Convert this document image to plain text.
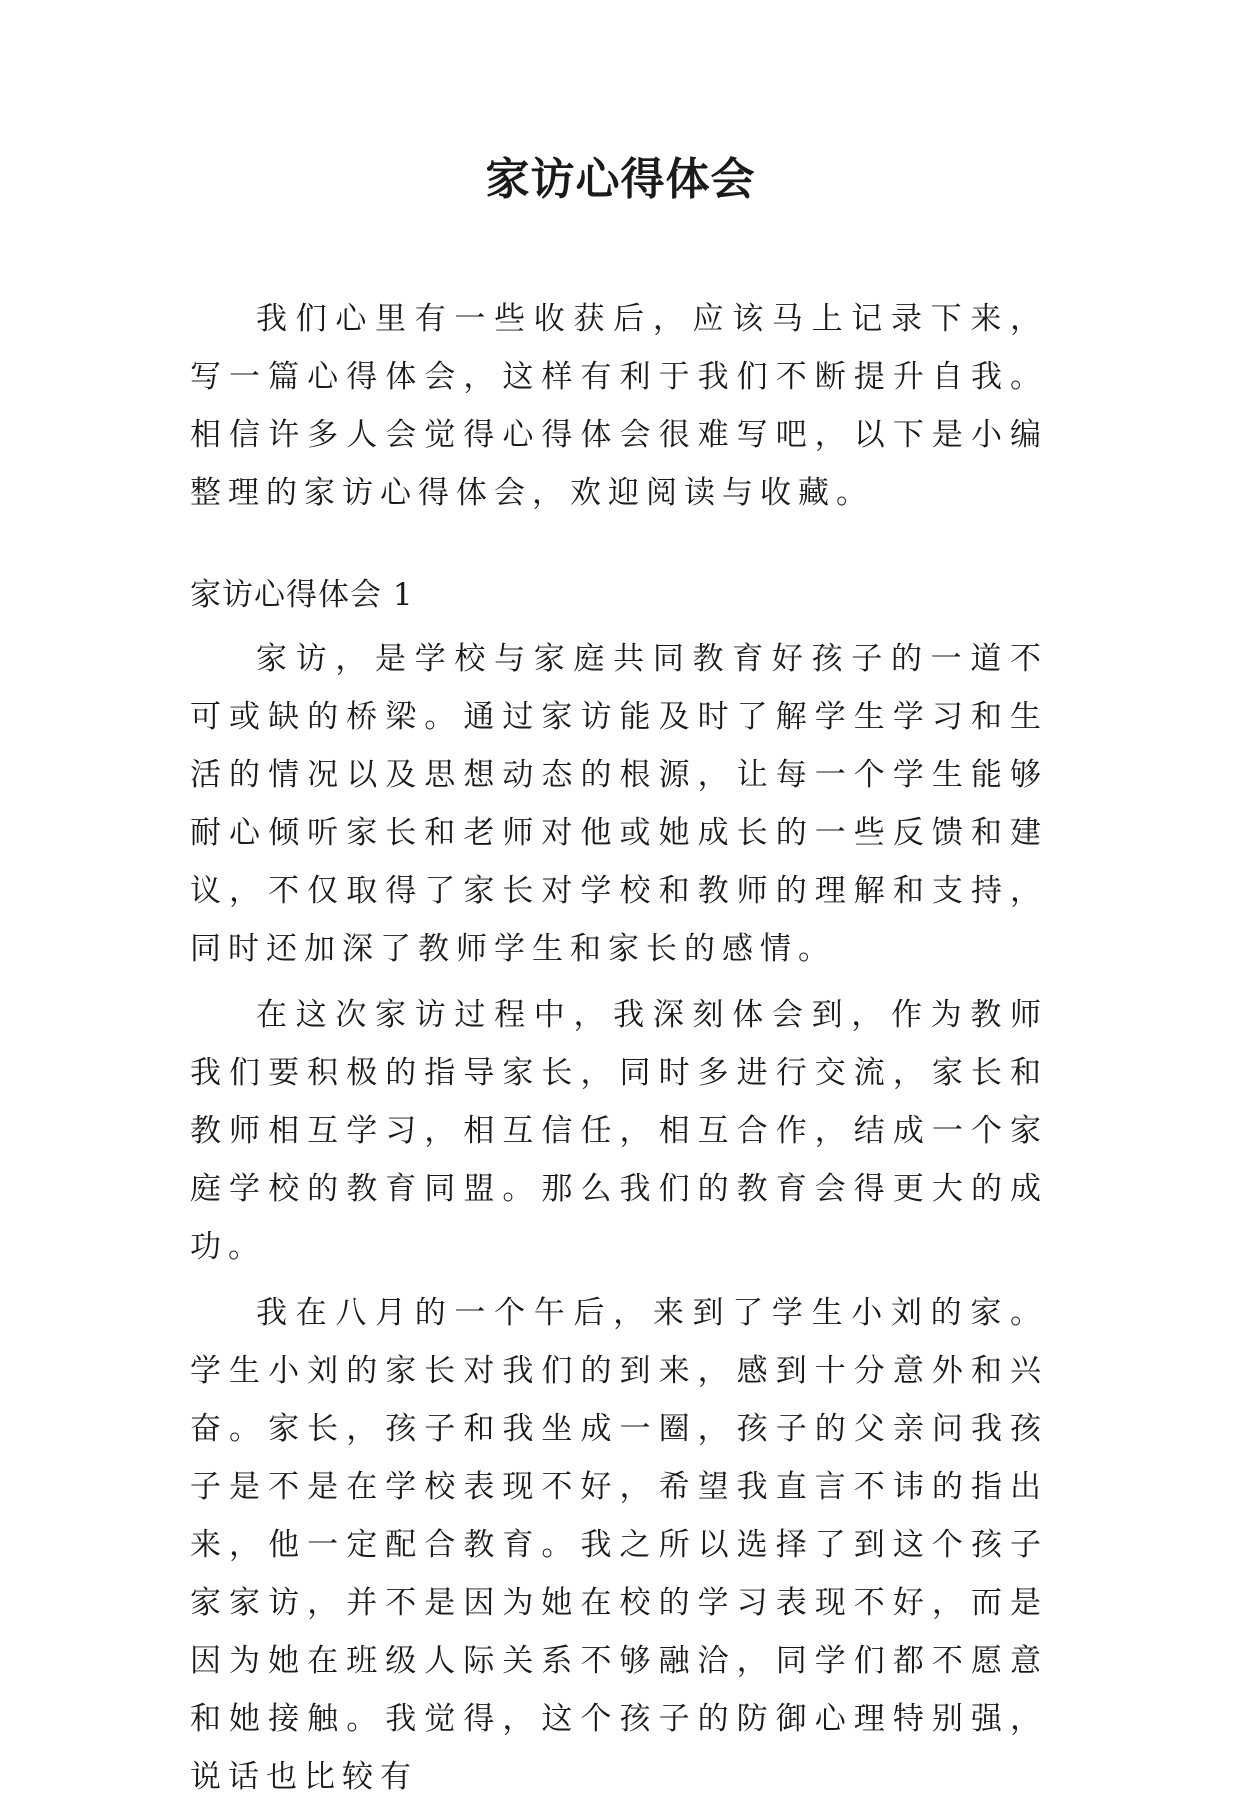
家访心得体会

我们心里有一些收获后，应该马上记录下来，写一篇心得体会，这样有利于我们不断提升自我。相信许多人会觉得心得体会很难写吧，以下是小编整理的家访心得体会，欢迎阅读与收藏。

家访心得体会 1

家访，是学校与家庭共同教育好孩子的一道不可或缺的桥梁。通过家访能及时了解学生学习和生活的情况以及思想动态的根源，让每一个学生能够耐心倾听家长和老师对他或她成长的一些反馈和建议，不仅取得了家长对学校和教师的理解和支持，同时还加深了教师学生和家长的感情。

在这次家访过程中，我深刻体会到，作为教师我们要积极的指导家长，同时多进行交流，家长和教师相互学习，相互信任，相互合作，结成一个家庭学校的教育同盟。那么我们的教育会得更大的成功。

我在八月的一个午后，来到了学生小刘的家。学生小刘的家长对我们的到来，感到十分意外和兴奋。家长，孩子和我坐成一圈，孩子的父亲问我孩子是不是在学校表现不好，希望我直言不讳的指出来，他一定配合教育。我之所以选择了到这个孩子家家访，并不是因为她在校的学习表现不好，而是因为她在班级人际关系不够融洽，同学们都不愿意和她接触。我觉得，这个孩子的防御心理特别强，说话也比较有
